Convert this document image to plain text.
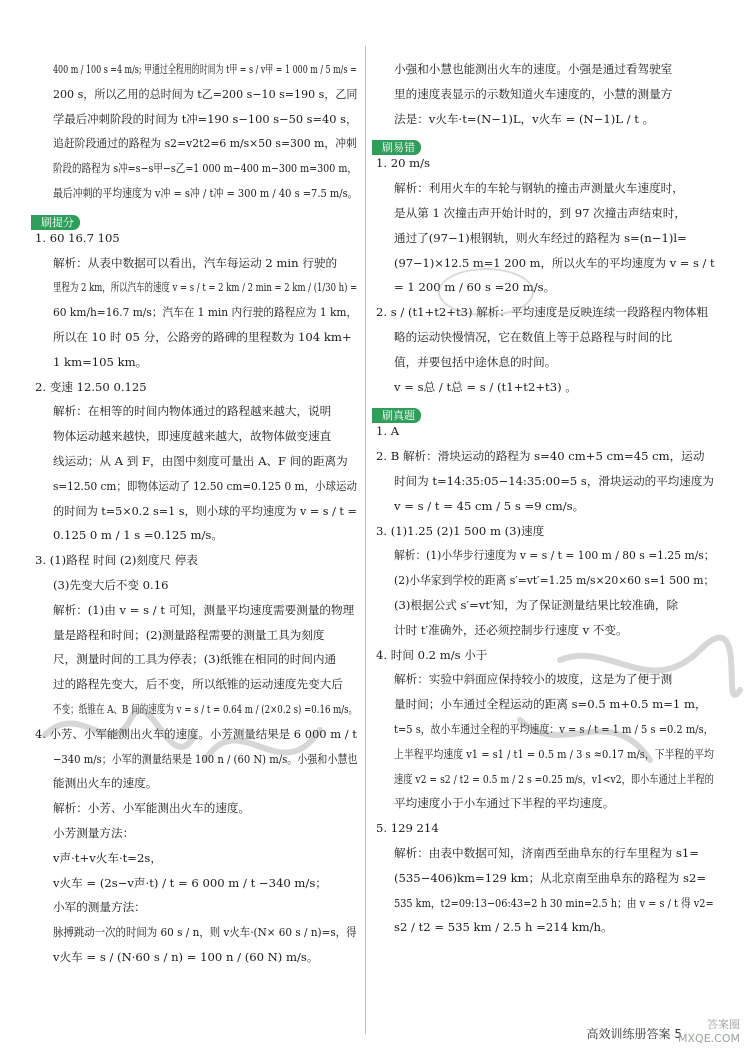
400 m / 100 s =4 m/s; 甲通过全程用的时间为 t甲 = s / v甲 = 1 000 m / 5 m/s =
200 s，所以乙用的总时间为 t乙=200 s−10 s=190 s，乙同
学最后冲刺阶段的时间为 t冲=190 s−100 s−50 s=40 s，
追赶阶段通过的路程为 s2=v2t2=6 m/s×50 s=300 m，冲刺
阶段的路程为 s冲=s−s甲−s乙=1 000 m−400 m−300 m=300 m，
最后冲刺的平均速度为 v冲 = s冲 / t冲 = 300 m / 40 s =7.5 m/s。
刷提分
1. 60 16.7 105
解析：从表中数据可以看出，汽车每运动 2 min 行驶的
里程为 2 km，所以汽车的速度 v = s / t = 2 km / 2 min = 2 km / (1/30 h) =
60 km/h=16.7 m/s；汽车在 1 min 内行驶的路程应为 1 km，
所以在 10 时 05 分，公路旁的路碑的里程数为 104 km+
1 km=105 km。
2. 变速 12.50 0.125
解析：在相等的时间内物体通过的路程越来越大，说明
物体运动越来越快，即速度越来越大，故物体做变速直
线运动；从 A 到 F，由图中刻度可量出 A、F 间的距离为
s=12.50 cm；即物体运动了 12.50 cm=0.125 0 m，小球运动
的时间为 t=5×0.2 s=1 s，则小球的平均速度为 v = s / t =
0.125 0 m / 1 s =0.125 m/s。
3. (1)路程 时间 (2)刻度尺 停表
(3)先变大后不变 0.16
解析：(1)由 v = s / t 可知，测量平均速度需要测量的物理
量是路程和时间；(2)测量路程需要的测量工具为刻度
尺，测量时间的工具为停表；(3)纸锥在相同的时间内通
过的路程先变大，后不变，所以纸锥的运动速度先变大后
不变；纸锥在 A、B 间的速度为 v = s / t = 0.64 m / (2×0.2 s) =0.16 m/s。
4. 小芳、小军能测出火车的速度。小芳测量结果是 6 000 m / t
−340 m/s；小军的测量结果是 100 n / (60 N) m/s。小强和小慧也
能测出火车的速度。
解析：小芳、小军能测出火车的速度。
小芳测量方法：
v声·t+v火车·t=2s，
v火车 = (2s−v声·t) / t = 6 000 m / t −340 m/s；
小军的测量方法：
脉搏跳动一次的时间为 60 s / n，则 v火车·(N× 60 s / n)=s，得
v火车 = s / (N·60 s / n) = 100 n / (60 N) m/s。
小强和小慧也能测出火车的速度。小强是通过看驾驶室
里的速度表显示的示数知道火车速度的，小慧的测量方
法是：v火车·t=(N−1)L，v火车 = (N−1)L / t 。
刷易错
1. 20 m/s
解析：利用火车的车轮与钢轨的撞击声测量火车速度时，
是从第 1 次撞击声开始计时的，到 97 次撞击声结束时，
通过了(97−1)根钢轨，则火车经过的路程为 s=(n−1)l=
(97−1)×12.5 m=1 200 m，所以火车的平均速度为 v = s / t
= 1 200 m / 60 s =20 m/s。
2. s / (t1+t2+t3) 解析：平均速度是反映连续一段路程内物体粗
略的运动快慢情况，它在数值上等于总路程与时间的比
值，并要包括中途休息的时间。
v = s总 / t总 = s / (t1+t2+t3) 。
刷真题
1. A
2. B 解析：滑块运动的路程为 s=40 cm+5 cm=45 cm，运动
时间为 t=14:35:05−14:35:00=5 s，滑块运动的平均速度为
v = s / t = 45 cm / 5 s =9 cm/s。
3. (1)1.25 (2)1 500 m (3)速度
解析：(1)小华步行速度为 v = s / t = 100 m / 80 s =1.25 m/s；
(2)小华家到学校的距离 s′=vt′=1.25 m/s×20×60 s=1 500 m；
(3)根据公式 s′=vt′知，为了保证测量结果比较准确，除
计时 t′准确外，还必须控制步行速度 v 不变。
4. 时间 0.2 m/s 小于
解析：实验中斜面应保持较小的坡度，这是为了便于测
量时间；小车通过全程运动的距离 s=0.5 m+0.5 m=1 m，
t=5 s，故小车通过全程的平均速度：v = s / t = 1 m / 5 s =0.2 m/s，
上半程平均速度 v1 = s1 / t1 = 0.5 m / 3 s ≈0.17 m/s，下半程的平均
速度 v2 = s2 / t2 = 0.5 m / 2 s =0.25 m/s，v1<v2，即小车通过上半程的
平均速度小于小车通过下半程的平均速度。
5. 129 214
解析：由表中数据可知，济南西至曲阜东的行车里程为 s1=
(535−406)km=129 km；从北京南至曲阜东的路程为 s2=
535 km，t2=09:13−06:43=2 h 30 min=2.5 h；由 v = s / t 得 v2=
s2 / t2 = 535 km / 2.5 h =214 km/h。
高效训练册答案 5
答案圈
MXQE.COM
